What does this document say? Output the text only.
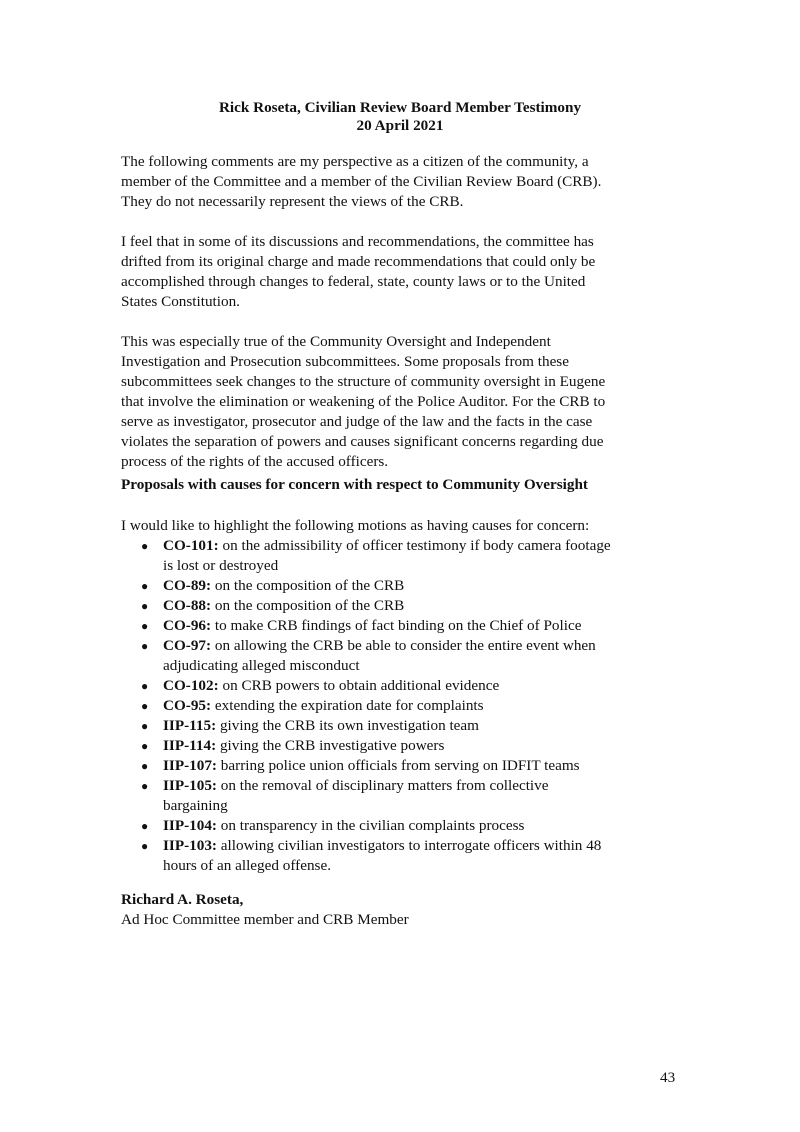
Rick Roseta, Civilian Review Board Member Testimony
20 April 2021
The following comments are my perspective as a citizen of the community, a
member of the Committee and a member of the Civilian Review Board (CRB).
They do not necessarily represent the views of the CRB.
I feel that in some of its discussions and recommendations, the committee has
drifted from its original charge and made recommendations that could only be
accomplished through changes to federal, state, county laws or to the United
States Constitution.
This was especially true of the Community Oversight and Independent
Investigation and Prosecution subcommittees. Some proposals from these
subcommittees seek changes to the structure of community oversight in Eugene
that involve the elimination or weakening of the Police Auditor. For the CRB to
serve as investigator, prosecutor and judge of the law and the facts in the case
violates the separation of powers and causes significant concerns regarding due
process of the rights of the accused officers.
Proposals with causes for concern with respect to Community Oversight
I would like to highlight the following motions as having causes for concern:
● CO-101: on the admissibility of officer testimony if body camera footage
is lost or destroyed
● CO-89: on the composition of the CRB
● CO-88: on the composition of the CRB
● CO-96: to make CRB findings of fact binding on the Chief of Police
● CO-97: on allowing the CRB be able to consider the entire event when
adjudicating alleged misconduct
● CO-102: on CRB powers to obtain additional evidence
● CO-95: extending the expiration date for complaints
● IIP-115: giving the CRB its own investigation team
● IIP-114: giving the CRB investigative powers
● IIP-107: barring police union officials from serving on IDFIT teams
● IIP-105: on the removal of disciplinary matters from collective
bargaining
● IIP-104: on transparency in the civilian complaints process
● IIP-103: allowing civilian investigators to interrogate officers within 48
hours of an alleged offense.
Richard A. Roseta,
Ad Hoc Committee member and CRB Member
43
